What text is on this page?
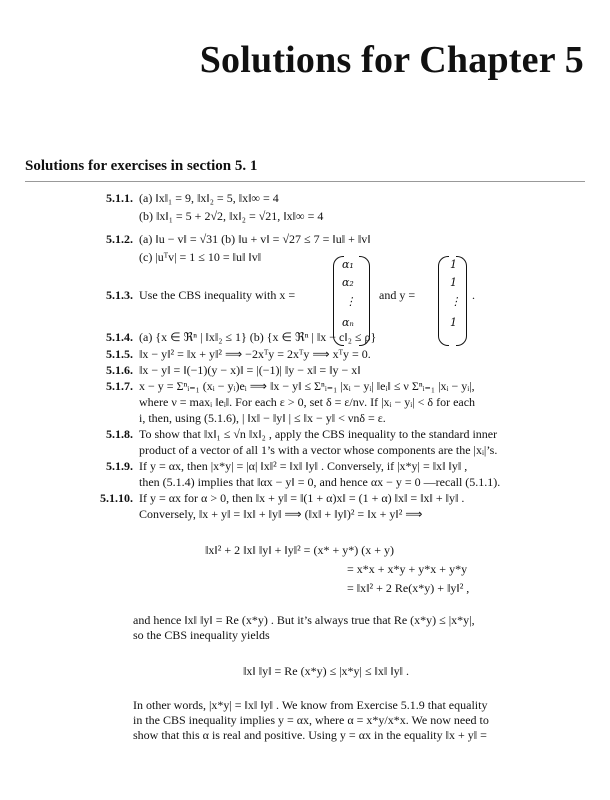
Solutions for Chapter 5
Solutions for exercises in section 5. 1
5.1.1. (a) ‖x‖₁ = 9, ‖x‖₂ = 5, ‖x‖∞ = 4
(b) ‖x‖₁ = 5 + 2√2, ‖x‖₂ = √21, ‖x‖∞ = 4
5.1.2. (a) ‖u − v‖ = √31 (b) ‖u + v‖ = √27 ≤ 7 = ‖u‖ + ‖v‖
(c) |uᵀv| = 1 ≤ 10 = ‖u‖ ‖v‖
5.1.3. Use the CBS inequality with x =
5.1.4. (a) {x ∈ ℜⁿ | ‖x‖₂ ≤ 1} (b) {x ∈ ℜⁿ | ‖x − c‖₂ ≤ ρ}
5.1.5. ‖x − y‖² = ‖x + y‖² ⟹ −2xᵀy = 2xᵀy ⟹ xᵀy = 0.
5.1.6. ‖x − y‖ = ‖(−1)(y − x)‖ = |(−1)| ‖y − x‖ = ‖y − x‖
5.1.7. x − y = Σⁿᵢ₌₁ (xᵢ − yᵢ)eᵢ ⟹ ‖x − y‖ ≤ Σⁿᵢ₌₁ |xᵢ − yᵢ| ‖eᵢ‖ ≤ ν Σⁿᵢ₌₁ |xᵢ − yᵢ|,
where ν = maxᵢ ‖eᵢ‖. For each ε > 0, set δ = ε/nν. If |xᵢ − yᵢ| < δ for each
i, then, using (5.1.6), | ‖x‖ − ‖y‖ | ≤ ‖x − y‖ < νnδ = ε.
5.1.8. To show that ‖x‖₁ ≤ √n ‖x‖₂ , apply the CBS inequality to the standard inner
product of a vector of all 1’s with a vector whose components are the |xᵢ|’s.
5.1.9. If y = αx, then |x*y| = |α| ‖x‖² = ‖x‖ ‖y‖ . Conversely, if |x*y| = ‖x‖ ‖y‖ ,
then (5.1.4) implies that ‖αx − y‖ = 0, and hence αx − y = 0 —recall (5.1.1).
5.1.10. If y = αx for α > 0, then ‖x + y‖ = ‖(1 + α)x‖ = (1 + α) ‖x‖ = ‖x‖ + ‖y‖ .
Conversely, ‖x + y‖ = ‖x‖ + ‖y‖ ⟹ (‖x‖ + ‖y‖)² = ‖x + y‖² ⟹
α₁
α₂
⋮
αₙ
and y =
1
1
⋮
1
.
‖x‖² + 2 ‖x‖ ‖y‖ + ‖y‖² = (x* + y*) (x + y)
= x*x + x*y + y*x + y*y
= ‖x‖² + 2 Re(x*y) + ‖y‖² ,
and hence ‖x‖ ‖y‖ = Re (x*y) . But it’s always true that Re (x*y) ≤ |x*y|,
so the CBS inequality yields
‖x‖ ‖y‖ = Re (x*y) ≤ |x*y| ≤ ‖x‖ ‖y‖ .
In other words, |x*y| = ‖x‖ ‖y‖ . We know from Exercise 5.1.9 that equality
in the CBS inequality implies y = αx, where α = x*y/x*x. We now need to
show that this α is real and positive. Using y = αx in the equality ‖x + y‖ =
